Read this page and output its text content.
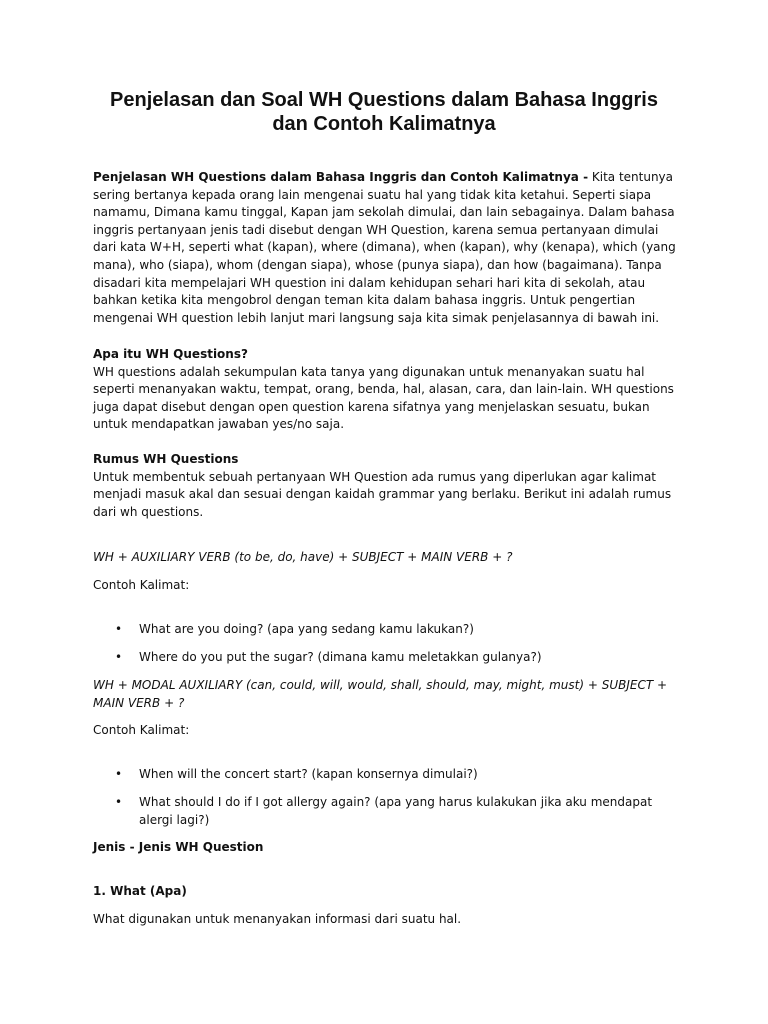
Penjelasan dan Soal WH Questions dalam Bahasa Inggris dan Contoh Kalimatnya

Penjelasan WH Questions dalam Bahasa Inggris dan Contoh Kalimatnya - Kita tentunya sering bertanya kepada orang lain mengenai suatu hal yang tidak kita ketahui. Seperti siapa namamu, Dimana kamu tinggal, Kapan jam sekolah dimulai, dan lain sebagainya. Dalam bahasa inggris pertanyaan jenis tadi disebut dengan WH Question, karena semua pertanyaan dimulai dari kata W+H, seperti what (kapan), where (dimana), when (kapan), why (kenapa), which (yang mana), who (siapa), whom (dengan siapa), whose (punya siapa), dan how (bagaimana). Tanpa disadari kita mempelajari WH question ini dalam kehidupan sehari hari kita di sekolah, atau bahkan ketika kita mengobrol dengan teman kita dalam bahasa inggris. Untuk pengertian mengenai WH question lebih lanjut mari langsung saja kita simak penjelasannya di bawah ini.

Apa itu WH Questions?

WH questions adalah sekumpulan kata tanya yang digunakan untuk menanyakan suatu hal seperti menanyakan waktu, tempat, orang, benda, hal, alasan, cara, dan lain-lain. WH questions juga dapat disebut dengan open question karena sifatnya yang menjelaskan sesuatu, bukan untuk mendapatkan jawaban yes/no saja.

Rumus WH Questions

Untuk membentuk sebuah pertanyaan WH Question ada rumus yang diperlukan agar kalimat menjadi masuk akal dan sesuai dengan kaidah grammar yang berlaku. Berikut ini adalah rumus dari wh questions.

WH + AUXILIARY VERB (to be, do, have) + SUBJECT + MAIN VERB + ?

Contoh Kalimat:

• What are you doing? (apa yang sedang kamu lakukan?)
• Where do you put the sugar? (dimana kamu meletakkan gulanya?)

WH + MODAL AUXILIARY (can, could, will, would, shall, should, may, might, must) + SUBJECT + MAIN VERB + ?

Contoh Kalimat:

• When will the concert start? (kapan konsernya dimulai?)
• What should I do if I got allergy again? (apa yang harus kulakukan jika aku mendapat alergi lagi?)

Jenis - Jenis WH Question

1. What (Apa)

What digunakan untuk menanyakan informasi dari suatu hal.
